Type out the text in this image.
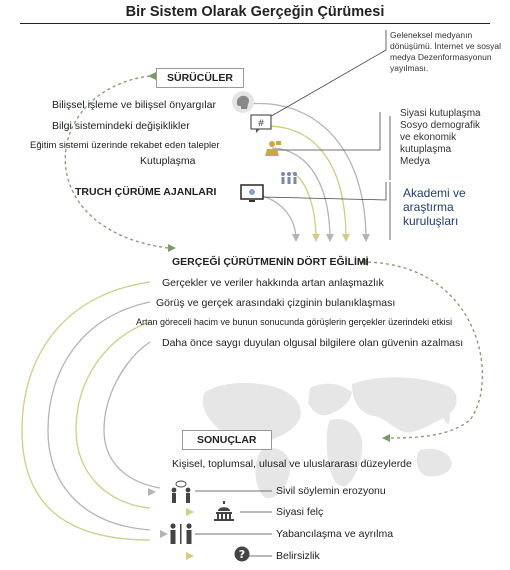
Bir Sistem Olarak Gerçeğin Çürümesi
SÜRÜCÜLER
Bilişsel işleme ve bilişsel önyargılar
Bilgi sistemindeki değişiklikler
Eğitim sistemi üzerinde rekabet eden talepler
Kutuplaşma
TRUCH ÇÜRÜME AJANLARI
#
Geleneksel medyanın dönüşümü. İnternet ve sosyal medya Dezenformasyonun yayılması.
Siyasi kutuplaşma
Sosyo demografik
ve ekonomik
kutuplaşma
Medya
Akademi ve
araştırma
kuruluşları
GERÇEĞİ ÇÜRÜTMENİN DÖRT EĞİLİMİ
Gerçekler ve veriler hakkında artan anlaşmazlık
Görüş ve gerçek arasındaki çizginin bulanıklaşması
Artan göreceli hacim ve bunun sonucunda görüşlerin gerçekler üzerindeki etkisi
Daha önce saygı duyulan olgusal bilgilere olan güvenin azalması
SONUÇLAR
Kişisel, toplumsal, ulusal ve uluslararası düzeylerde
Sivil söylemin erozyonu
Siyasi felç
Yabancılaşma ve ayrılma
Belirsizlik
?
